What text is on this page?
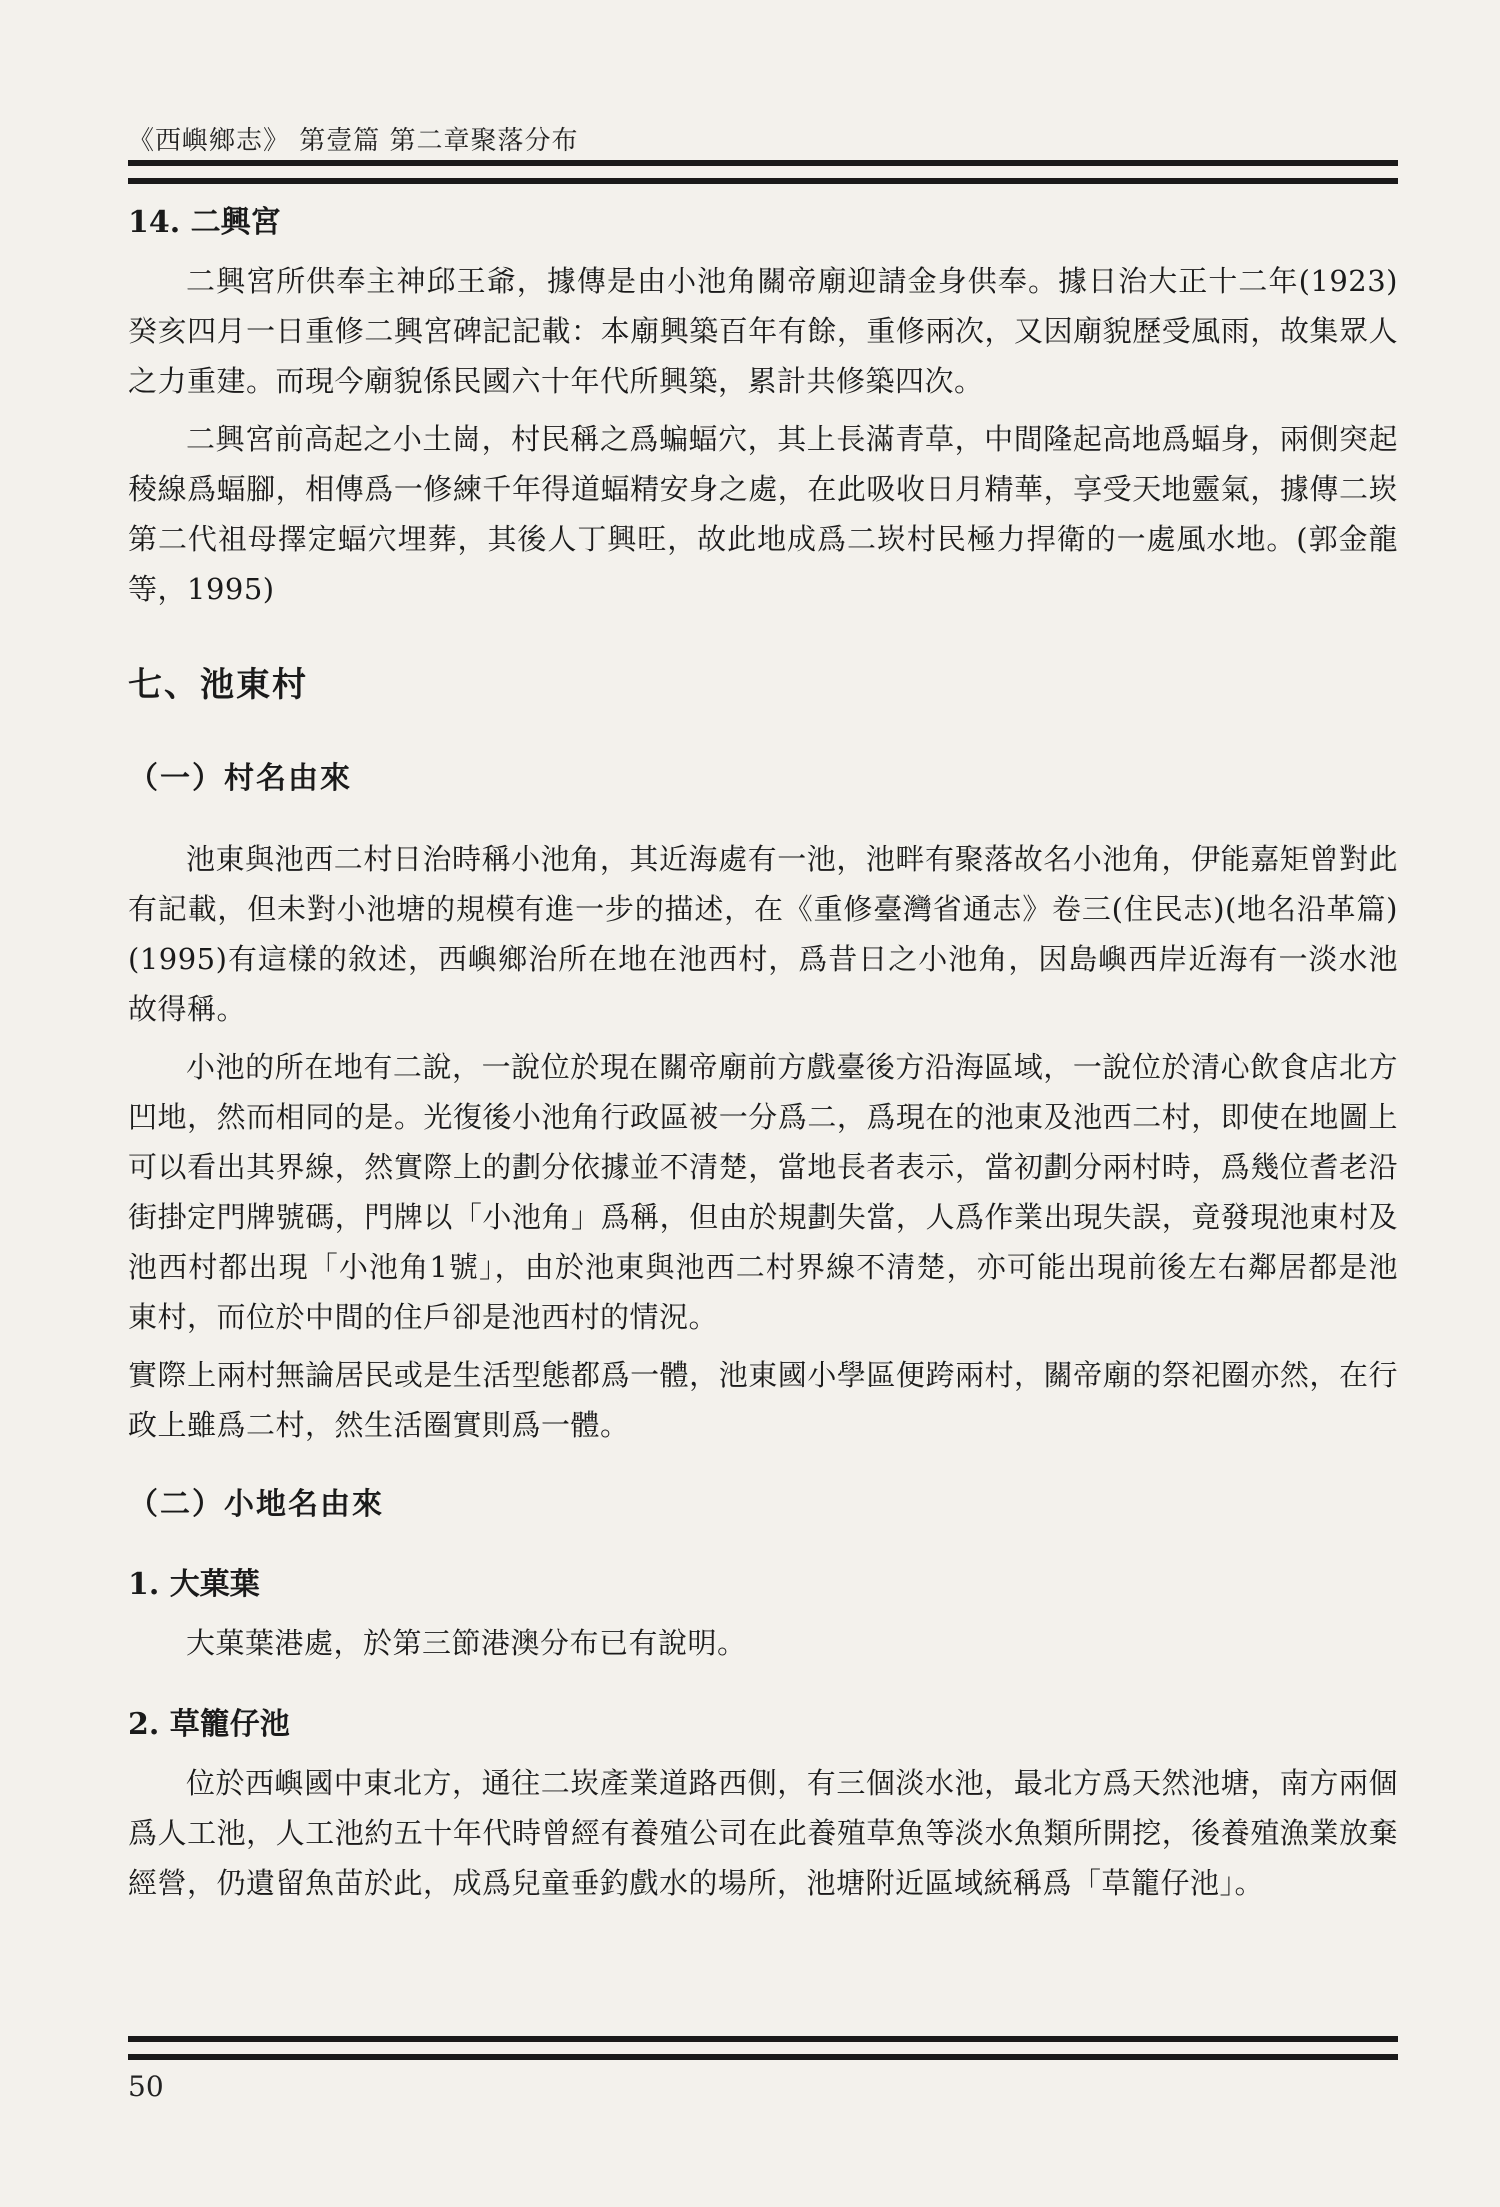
《西嶼鄉志》 第壹篇 第二章聚落分布
14. 二興宮

二興宮所供奉主神邱王爺，據傳是由小池角關帝廟迎請金身供奉。據日治大正十二年(1923)癸亥四月一日重修二興宮碑記記載：本廟興築百年有餘，重修兩次，又因廟貌歷受風雨，故集眾人之力重建。而現今廟貌係民國六十年代所興築，累計共修築四次。

二興宮前高起之小土崗，村民稱之爲蝙蝠穴，其上長滿青草，中間隆起高地爲蝠身，兩側突起稜線爲蝠腳，相傳爲一修練千年得道蝠精安身之處，在此吸收日月精華，享受天地靈氣，據傳二崁第二代祖母擇定蝠穴埋葬，其後人丁興旺，故此地成爲二崁村民極力捍衛的一處風水地。(郭金龍等，1995)

七、池東村
（一）村名由來

池東與池西二村日治時稱小池角，其近海處有一池，池畔有聚落故名小池角，伊能嘉矩曾對此有記載，但未對小池塘的規模有進一步的描述，在《重修臺灣省通志》卷三(住民志)(地名沿革篇)(1995)有這樣的敘述，西嶼鄉治所在地在池西村，爲昔日之小池角，因島嶼西岸近海有一淡水池故得稱。

小池的所在地有二說，一說位於現在關帝廟前方戲臺後方沿海區域，一說位於清心飲食店北方凹地，然而相同的是。光復後小池角行政區被一分爲二，爲現在的池東及池西二村，即使在地圖上可以看出其界線，然實際上的劃分依據並不清楚，當地長者表示，當初劃分兩村時，爲幾位耆老沿街掛定門牌號碼，門牌以「小池角」爲稱，但由於規劃失當，人爲作業出現失誤，竟發現池東村及池西村都出現「小池角1號」，由於池東與池西二村界線不清楚，亦可能出現前後左右鄰居都是池東村，而位於中間的住戶卻是池西村的情況。

實際上兩村無論居民或是生活型態都爲一體，池東國小學區便跨兩村，關帝廟的祭祀圈亦然，在行政上雖爲二村，然生活圈實則爲一體。

（二）小地名由來
1. 大菓葉

大菓葉港處，於第三節港澳分布已有說明。

2. 草籠仔池

位於西嶼國中東北方，通往二崁產業道路西側，有三個淡水池，最北方爲天然池塘，南方兩個爲人工池，人工池約五十年代時曾經有養殖公司在此養殖草魚等淡水魚類所開挖，後養殖漁業放棄經營，仍遺留魚苗於此，成爲兒童垂釣戲水的場所，池塘附近區域統稱爲「草籠仔池」。

50
